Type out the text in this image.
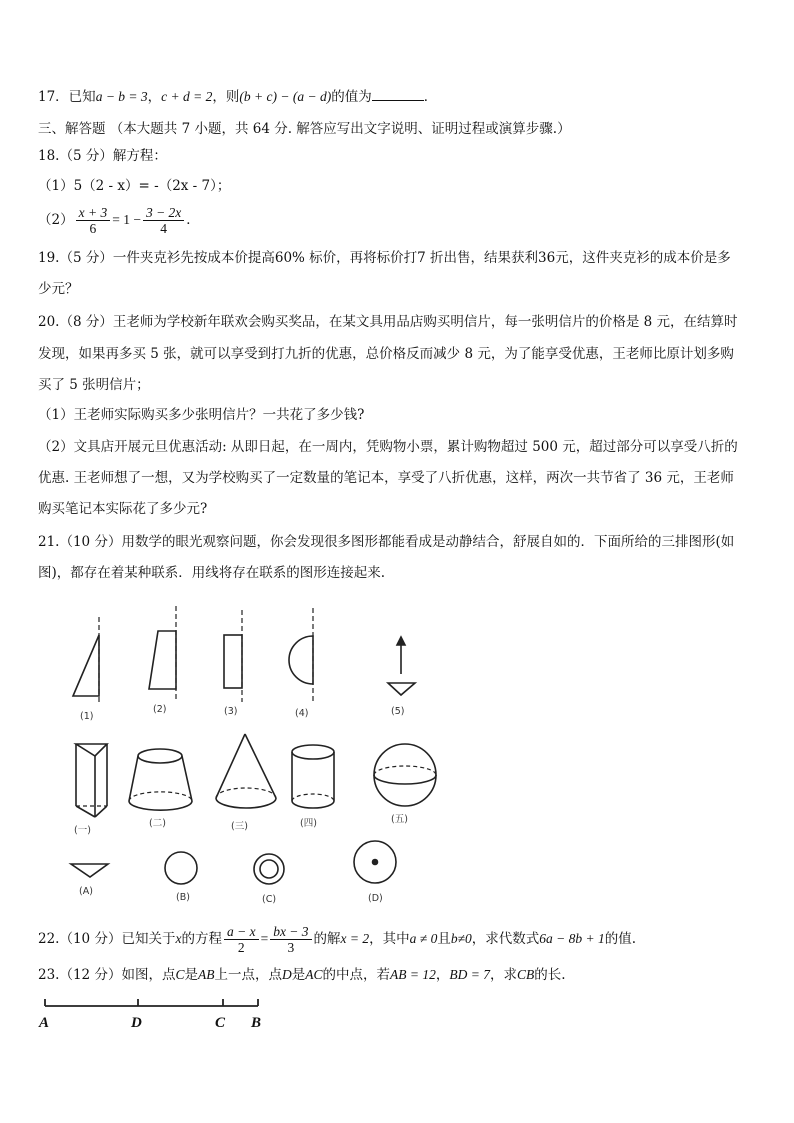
17．已知a − b = 3，c + d = 2，则(b + c) − (a − d)的值为	．
三、解答题 （本大题共 7 小题，共 64 分. 解答应写出文字说明、证明过程或演算步骤.）
18.（5 分）解方程：
（1）5（2 - x）= -（2x - 7）；
$(2) \frac{x + 3}{6} = 1 - \frac{3 - 2x}{4}$ ．
19.（5 分）一件夹克衫先按成本价提高60% 标价，再将标价打7 折出售，结果获利36元，这件夹克衫的成本价是多
少元？
20.（8 分）王老师为学校新年联欢会购买奖品，在某文具用品店购买明信片，每一张明信片的价格是 8 元，在结算时
发现，如果再多买 5 张，就可以享受到打九折的优惠，总价格反而减少 8 元，为了能享受优惠，王老师比原计划多购
买了 5 张明信片；
（1）王老师实际购买多少张明信片？一共花了多少钱?
（2）文具店开展元旦优惠活动: 从即日起，在一周内，凭购物小票，累计购物超过 500 元，超过部分可以享受八折的
优惠. 王老师想了一想，又为学校购买了一定数量的笔记本，享受了八折优惠，这样，两次一共节省了 36 元，王老师
购买笔记本实际花了多少元?
21.（10 分）用数学的眼光观察问题，你会发现很多图形都能看成是动静结合，舒展自如的．下面所给的三排图形(如
图)，都存在着某种联系．用线将存在联系的图形连接起来.
(1)
(2)	(3)	(4)	(5)
(一)
(二)	(三)	(四)	(五)
(A)
(B)	(C)	(D)
A	D	C B
22.（10 分）已知关于x的方程 $\frac{a - x}{2} = \frac{bx - 3}{3}$ 的解x = 2，其中a ≠ 0且b≠0，求代数式6a − 8b + 1的值.
23.（12 分）如图，点C是AB上一点，点D是AC的中点，若AB = 12，BD = 7，求CB的长.
